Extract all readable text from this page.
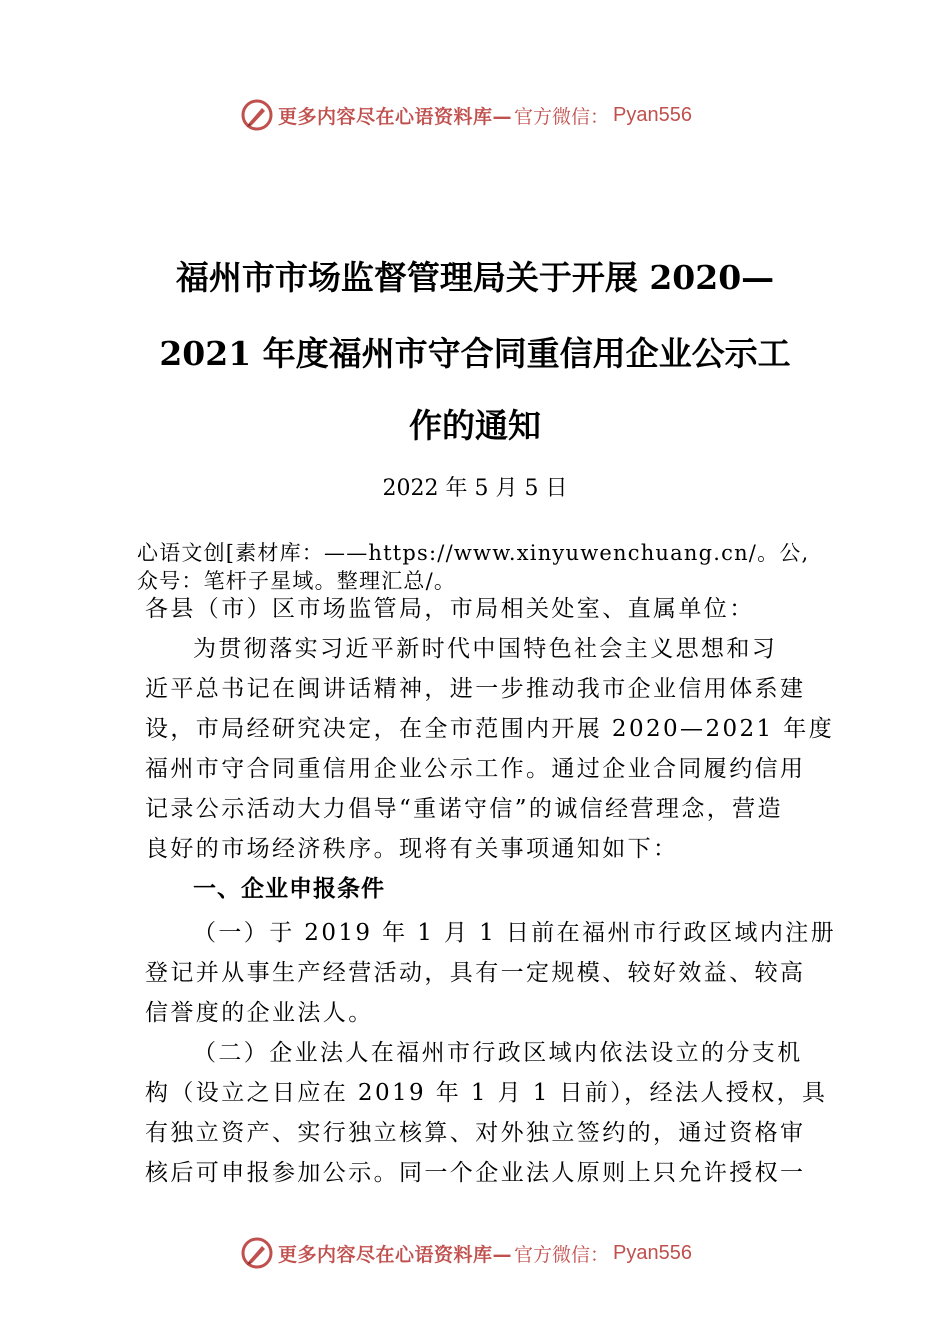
更多内容尽在心语资料库— 官方微信： Pyan556
福州市市场监督管理局关于开展 2020—
2021 年度福州市守合同重信用企业公示工
作的通知
2022 年 5 月 5 日
心语文创[素材库：——https://www.xinyuwenchuang.cn/。公,
众号：笔杆子星域。整理汇总/。
各县（市）区市场监管局，市局相关处室、直属单位：
为贯彻落实习近平新时代中国特色社会主义思想和习
近平总书记在闽讲话精神，进一步推动我市企业信用体系建
设，市局经研究决定，在全市范围内开展 2020—2021 年度
福州市守合同重信用企业公示工作。通过企业合同履约信用
记录公示活动大力倡导“重诺守信”的诚信经营理念，营造
良好的市场经济秩序。现将有关事项通知如下：
一、企业申报条件
（一）于 2019 年 1 月 1 日前在福州市行政区域内注册
登记并从事生产经营活动，具有一定规模、较好效益、较高
信誉度的企业法人。
（二）企业法人在福州市行政区域内依法设立的分支机
构（设立之日应在 2019 年 1 月 1 日前），经法人授权，具
有独立资产、实行独立核算、对外独立签约的，通过资格审
核后可申报参加公示。同一个企业法人原则上只允许授权一
更多内容尽在心语资料库— 官方微信： Pyan556
